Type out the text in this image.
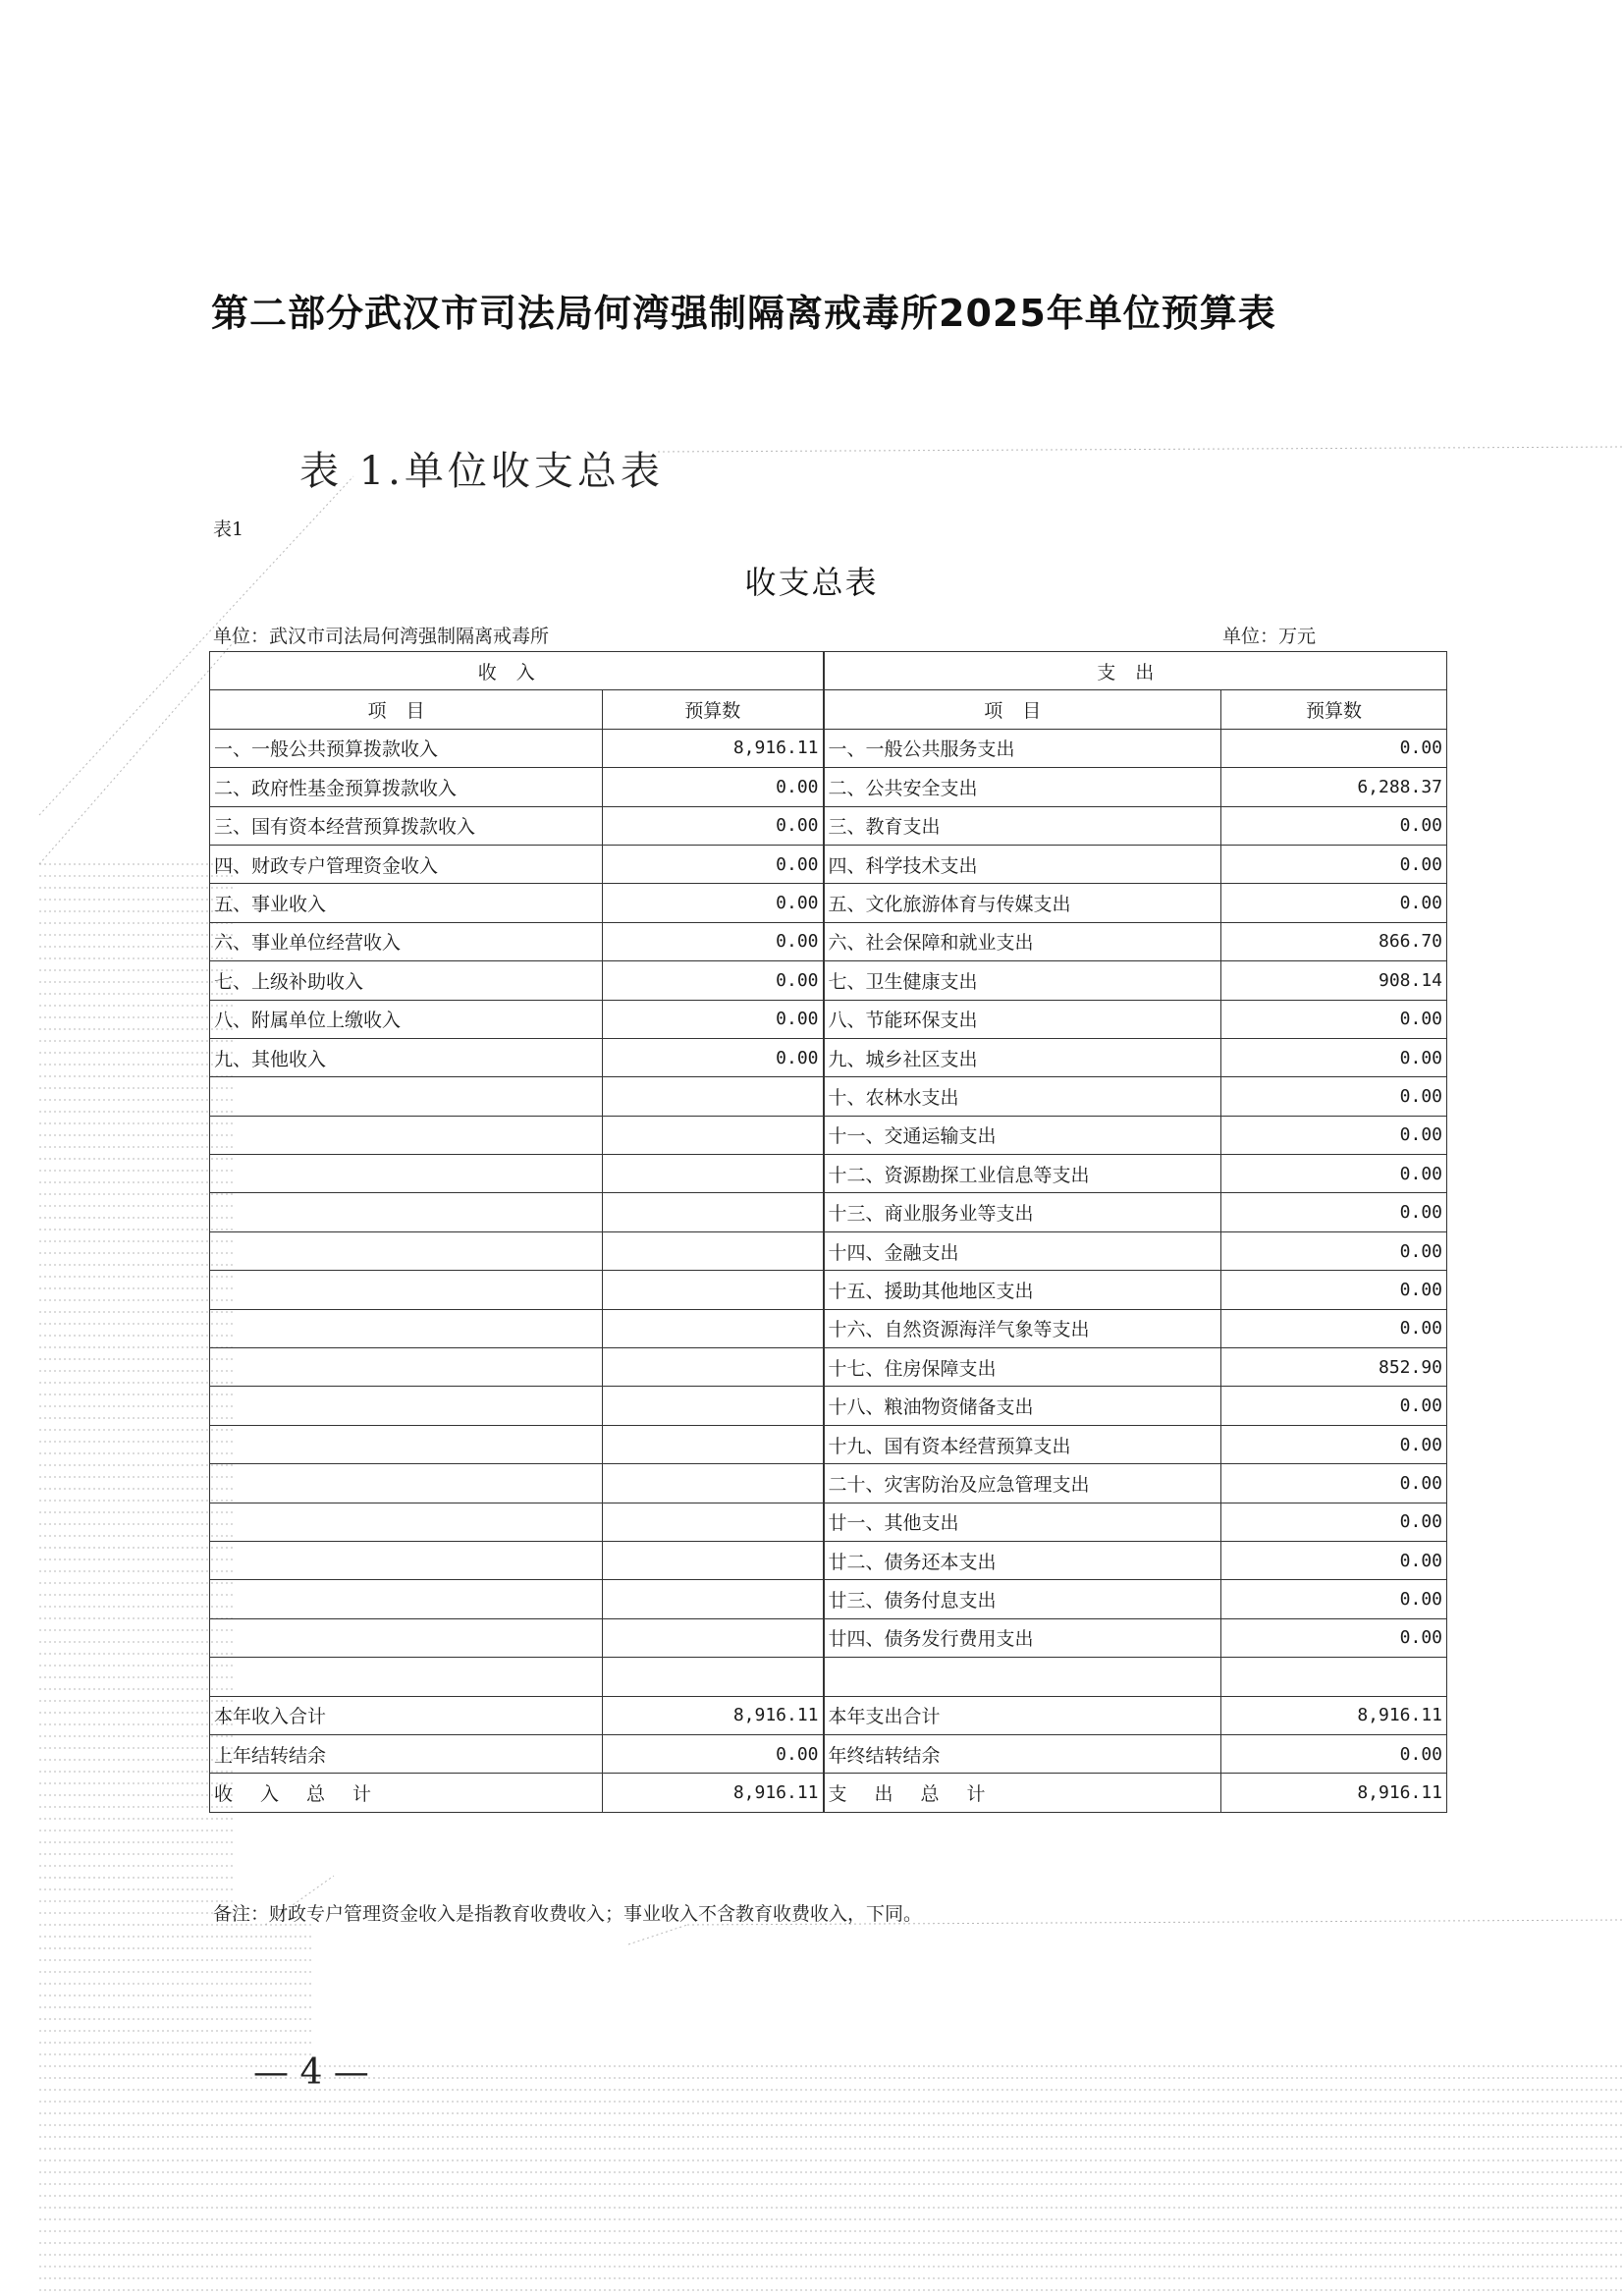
第二部分武汉市司法局何湾强制隔离戒毒所2025年单位预算表
表 1.单位收支总表
表1
收支总表
单位：武汉市司法局何湾强制隔离戒毒所	单位：万元
收入		支出	
项目	预算数	项目	预算数
一、一般公共预算拨款收入	8,916.11	一、一般公共服务支出	0.00
二、政府性基金预算拨款收入	0.00	二、公共安全支出	6,288.37
三、国有资本经营预算拨款收入	0.00	三、教育支出	0.00
四、财政专户管理资金收入	0.00	四、科学技术支出	0.00
五、事业收入	0.00	五、文化旅游体育与传媒支出	0.00
六、事业单位经营收入	0.00	六、社会保障和就业支出	866.70
七、上级补助收入	0.00	七、卫生健康支出	908.14
八、附属单位上缴收入	0.00	八、节能环保支出	0.00
九、其他收入	0.00	九、城乡社区支出	0.00
		十、农林水支出	0.00
		十一、交通运输支出	0.00
		十二、资源勘探工业信息等支出	0.00
		十三、商业服务业等支出	0.00
		十四、金融支出	0.00
		十五、援助其他地区支出	0.00
		十六、自然资源海洋气象等支出	0.00
		十七、住房保障支出	852.90
		十八、粮油物资储备支出	0.00
		十九、国有资本经营预算支出	0.00
		二十、灾害防治及应急管理支出	0.00
		廿一、其他支出	0.00
		廿二、债务还本支出	0.00
		廿三、债务付息支出	0.00
		廿四、债务发行费用支出	0.00

本年收入合计	8,916.11	本年支出合计	8,916.11
上年结转结余	0.00	年终结转结余	0.00
收入总计	8,916.11	支出总计	8,916.11
备注：财政专户管理资金收入是指教育收费收入；事业收入不含教育收费收入，下同。
— 4 —
